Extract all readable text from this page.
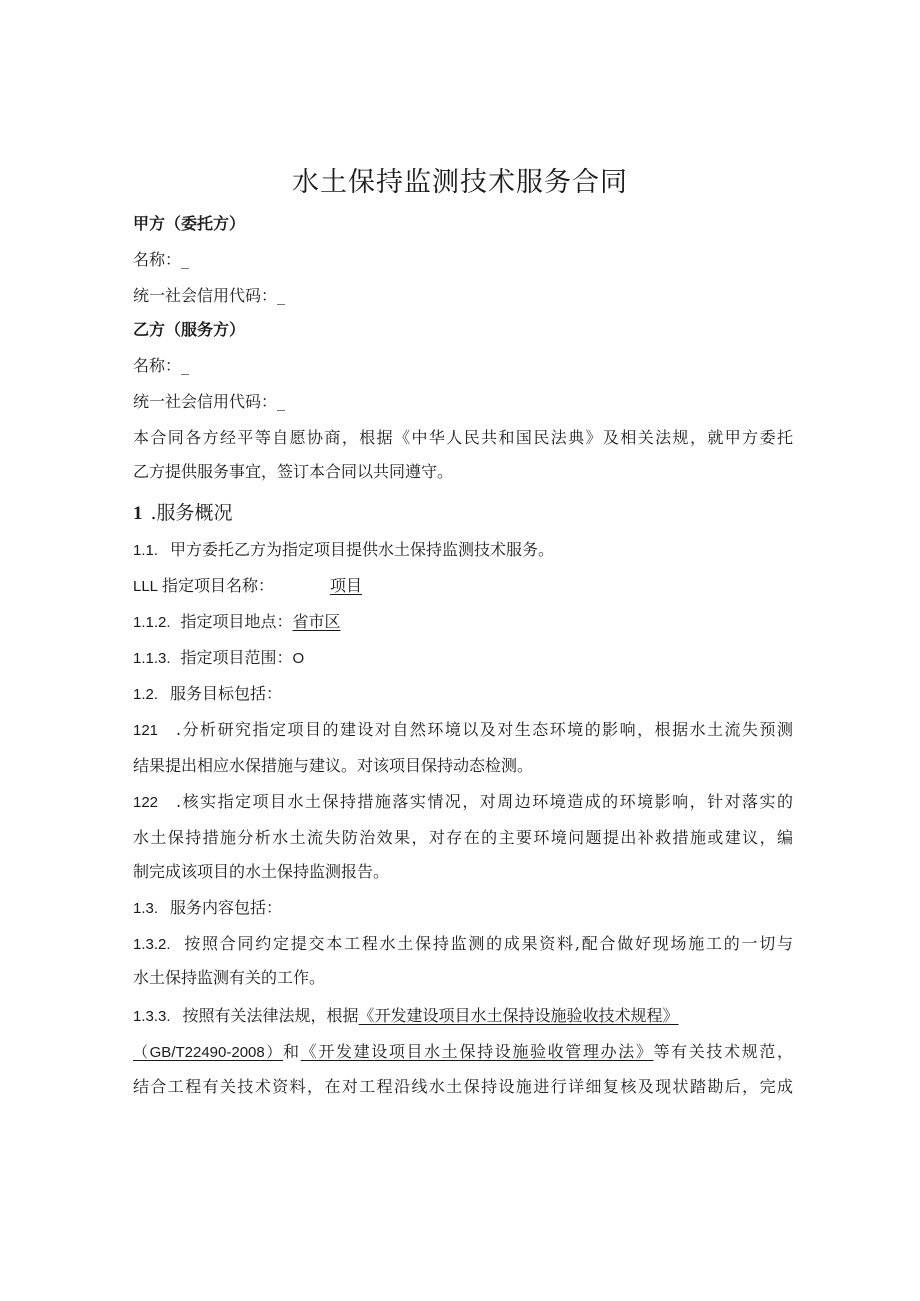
水土保持监测技术服务合同
甲方（委托方）
名称：_
统一社会信用代码：_
乙方（服务方）
名称：_
统一社会信用代码：_
本合同各方经平等自愿协商，根据《中华人民共和国民法典》及相关法规，就甲方委托
乙方提供服务事宜，签订本合同以共同遵守。
1 .服务概况
1.1. 甲方委托乙方为指定项目提供水土保持监测技术服务。
LLL 指定项目名称：	项目
1.1.2. 指定项目地点：省市区
1.1.3. 指定项目范围：O
1.2. 服务目标包括：
121 .分析研究指定项目的建设对自然环境以及对生态环境的影响，根据水土流失预测
结果提出相应水保措施与建议。对该项目保持动态检测。
122 .核实指定项目水土保持措施落实情况，对周边环境造成的环境影响，针对落实的
水土保持措施分析水土流失防治效果，对存在的主要环境问题提出补救措施或建议，编
制完成该项目的水土保持监测报告。
1.3. 服务内容包括：
1.3.2. 按照合同约定提交本工程水土保持监测的成果资料,配合做好现场施工的一切与
水土保持监测有关的工作。
1.3.3. 按照有关法律法规，根据《开发建设项目水土保持设施验收技术规程》
（GB/T22490-2008）和《开发建设项目水土保持设施验收管理办法》等有关技术规范，
结合工程有关技术资料，在对工程沿线水土保持设施进行详细复核及现状踏勘后，完成
